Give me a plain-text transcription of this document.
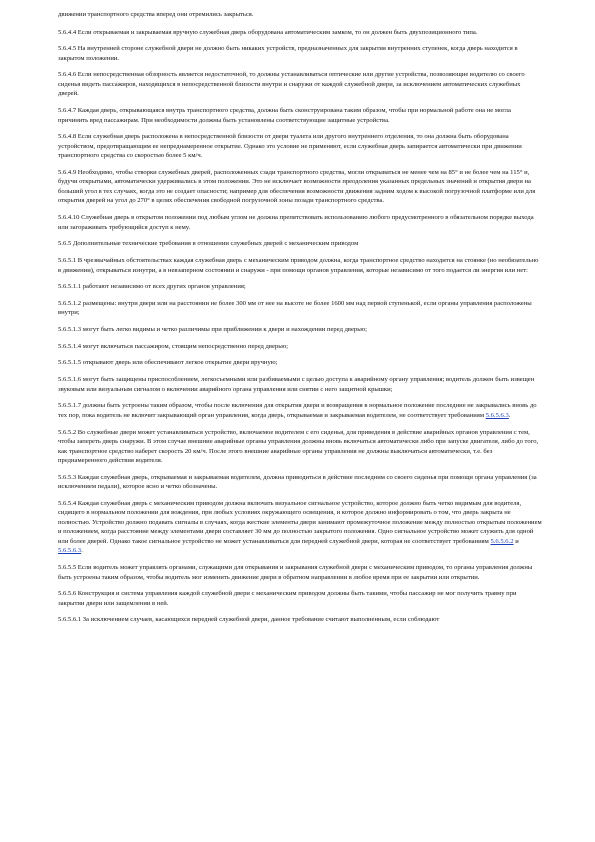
движении транспортного средства вперед они отремились закрыться.

5.6.4.4 Если открываемая и закрываемая вручную служебная дверь оборудована автоматическим замком, то он должен быть двухпозиционного типа.

5.6.4.5 На внутренней стороне служебной двери не должно быть никаких устройств, предназначенных для закрытия внутренних ступенек, когда дверь находится в закрытом положении.

5.6.4.6 Если непосредственная обзорность является недостаточной, то должны устанавливаться оптические или другие устройства, позволяющие водителю со своего сиденья видеть пассажиров, находящихся в непосредственной близости внутри и снаружи от каждой служебной двери, за исключением автоматических служебных дверей.

5.6.4.7 Каждая дверь, открывающаяся внутрь транспортного средства, должна быть сконструирована таким образом, чтобы при нормальной работе она не могла причинить вред пассажирам. При необходимости должны быть установлены соответствующие защитные устройства.

5.6.4.8 Если служебная дверь расположена в непосредственной близости от двери туалета или другого внутреннего отделения, то она должна быть оборудована устройством, предотвращающим ее непреднамеренное открытие. Однако это условие не применяют, если служебная дверь запирается автоматически при движении транспортного средства со скоростью более 5 км/ч.

5.6.4.9 Необходимо, чтобы створки служебных дверей, расположенных сзади транспортного средства, могли открываться не менее чем на 85° и не более чем на 115° и, будучи открытыми, автоматически удерживались в этом положении. Это не исключает возможности преодоления указанных предельных значений и открытия двери на больший угол в тех случаях, когда это не создает опасности; например для обеспечения возможности движения задним ходом к высокой погрузочной платформе или для открытия дверей на угол до 270° в целях обеспечения свободной погрузочной зоны позади транспортного средства.

5.6.4.10 Служебная дверь в открытом положении под любым углом не должна препятствовать использованию любого предусмотренного в обязательном порядке выхода или загораживать требующийся доступ к нему.

5.6.5 Дополнительные технические требования в отношении служебных дверей с механическим приводом

5.6.5.1 В чрезвычайных обстоятельствах каждая служебная дверь с механическим приводом должна, когда транспортное средство находится на стоянке (но необязательно в движении), открываться изнутри, а в невзаперном состоянии и снаружи - при помощи органов управления, которые независимо от того подается ли энергия или нет:

5.6.5.1.1 работают независимо от всех других органов управления;

5.6.5.1.2 размещены: внутри двери или на расстоянии не более 300 мм от нее на высоте не более 1600 мм над первой ступенькой, если органы управления расположены внутри;

5.6.5.1.3 могут быть легко видимы и четко различимы при приближении к двери и нахождении перед дверью;

5.6.5.1.4 могут включаться пассажиром, стоящим непосредственно перед дверью;

5.6.5.1.5 открывают дверь или обеспечивают легкое открытие двери вручную;

5.6.5.1.6 могут быть защищены приспособлением, легкосъемными или разбиваемыми с целью доступа к аварийному органу управления; водитель должен быть извещен звуковым или визуальным сигналом о включении аварийного органа управления или снятии с него защитной крышки;

5.6.5.1.7 должны быть устроены таким образом, чтобы после включения для открытия двери и возвращения в нормальное положение последние не закрывались вновь до тех пор, пока водитель не включит закрывающий орган управления, когда дверь, открываемая и закрываемая водителем, не соответствует требованиям 5.6.5.6.3.

5.6.5.2 Во служебные двери может устанавливаться устройство, включаемое водителем с его сиденья, для приведения в действие аварийных органов управления с тем, чтобы запереть дверь снаружи. В этом случае внешние аварийные органы управления должны вновь включаться автоматически либо при запуске двигателя, либо до того, как транспортное средство наберет скорость 20 км/ч. После этого внешние аварийные органы управления не должны выключаться автоматически, т.е. без преднамеренного действия водителя.

5.6.5.3 Каждая служебная дверь, открываемая и закрываемая водителем, должна приводиться в действие последним со своего сиденья при помощи органа управления (за исключением педали), которое ясно и четко обозначены.

5.6.5.4 Каждая служебная дверь с механическим приводом должна включать визуальное сигнальное устройство, которое должно быть четко видимым для водителя, сидящего в нормальном положении для вождения, при любых условиях окружающего освещения, и которое должно информировать о том, что дверь закрыта не полностью. Устройство должно подавать сигналы в случаях, когда жесткие элементы двери занимают промежуточное положение между полностью открытым положением и положением, когда расстояние между элементами двери составляет 30 мм до полностью закрытого положения. Одно сигнальное устройство может служить для одной или более дверей. Однако такое сигнальное устройство не может устанавливаться для передней служебной двери, которая не соответствует требованиям 5.6.5.6.2 и 5.6.5.6.3.

5.6.5.5 Если водитель может управлять органами, служащими для открывания и закрывания служебной двери с механическим приводом, то органы управления должны быть устроены таким образом, чтобы водитель мог изменить движение двери в обратном направлении в любое время при ее закрытии или открытии.

5.6.5.6 Конструкция и система управления каждой служебной двери с механическим приводом должны быть такими, чтобы пассажир не мог получить травму при закрытии двери или защемлении в ней.

5.6.5.6.1 За исключением случаев, касающихся передней служебной двери, данное требование считают выполненным, если соблюдают
